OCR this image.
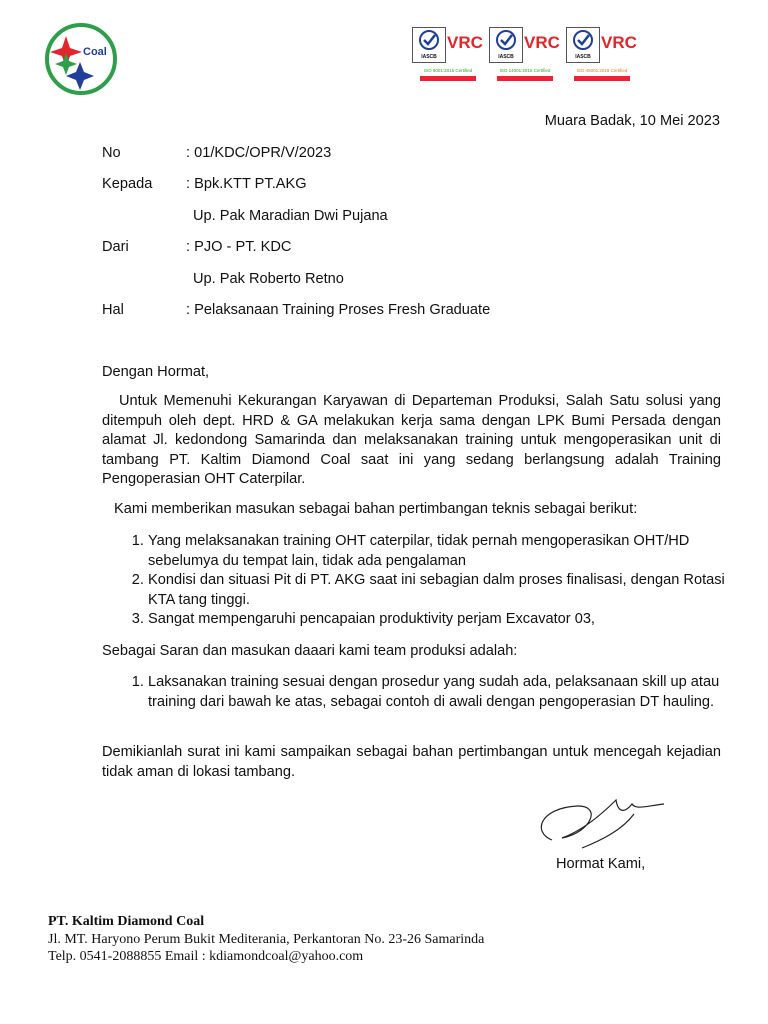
Coal	IASCB
VRC
ISO 9001:2015 Certified
IASCB
VRC
ISO 14001:2015 Certified
IASCB
VRC
ISO 45001:2018 Certified
Muara Badak, 10 Mei 2023
No	: 01/KDC/OPR/V/2023
Kepada	: Bpk.KTT PT.AKG
Up. Pak Maradian Dwi Pujana
Dari	: PJO - PT. KDC
Up. Pak Roberto Retno
Hal	: Pelaksanaan Training Proses Fresh Graduate
Dengan Hormat,
Untuk Memenuhi Kekurangan Karyawan di Departeman Produksi, Salah Satu solusi yang ditempuh oleh dept. HRD & GA melakukan kerja sama dengan LPK Bumi Persada dengan alamat Jl. kedondong Samarinda dan melaksanakan training untuk mengoperasikan unit di tambang PT. Kaltim Diamond Coal saat ini yang sedang berlangsung adalah Training Pengoperasian OHT Caterpilar.
Kami memberikan masukan sebagai bahan pertimbangan teknis sebagai berikut:
1. Yang melaksanakan training OHT caterpilar, tidak pernah mengoperasikan OHT/HD sebelumya du tempat lain, tidak ada pengalaman
2. Kondisi dan situasi Pit di PT. AKG saat ini sebagian dalm proses finalisasi, dengan Rotasi KTA tang tinggi.
3. Sangat mempengaruhi pencapaian produktivity perjam Excavator 03,
Sebagai Saran dan masukan daaari kami team produksi adalah:
1. Laksanakan training sesuai dengan prosedur yang sudah ada, pelaksanaan skill up atau training dari bawah ke atas, sebagai contoh di awali dengan pengoperasian DT hauling.
Demikianlah surat ini kami sampaikan sebagai bahan pertimbangan untuk mencegah kejadian tidak aman di lokasi tambang.
Hormat Kami,
PT. Kaltim Diamond Coal
Jl. MT. Haryono Perum Bukit Mediterania, Perkantoran No. 23-26 Samarinda
Telp. 0541-2088855 Email : kdiamondcoal@yahoo.com
